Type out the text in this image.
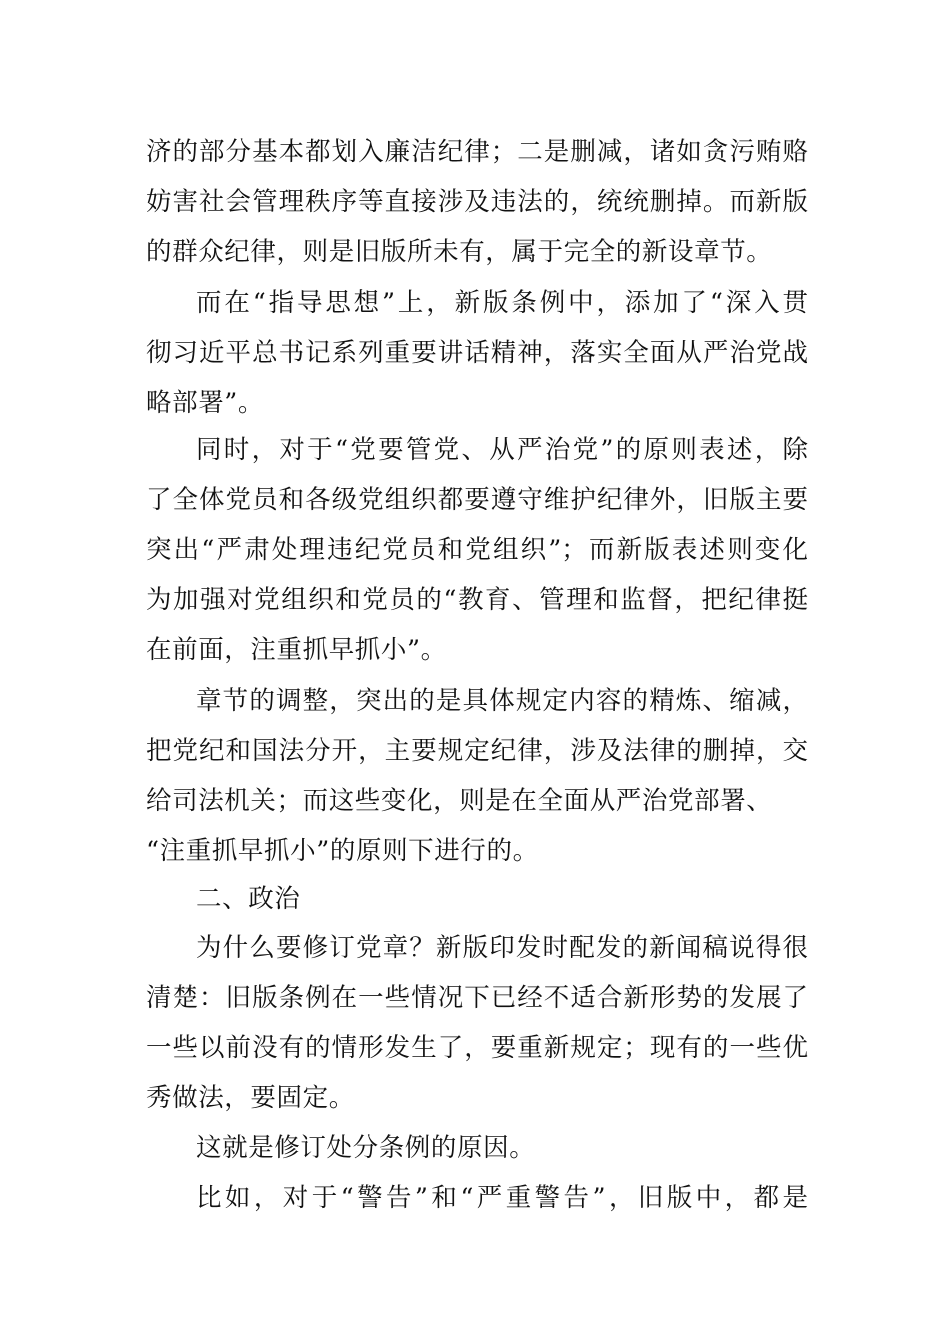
济的部分基本都划入廉洁纪律；二是删减，诸如贪污贿赂
妨害社会管理秩序等直接涉及违法的，统统删掉。而新版
的群众纪律，则是旧版所未有，属于完全的新设章节。
而在“指导思想”上，新版条例中，添加了“深入贯
彻习近平总书记系列重要讲话精神，落实全面从严治党战
略部署”。
同时，对于“党要管党、从严治党”的原则表述，除
了全体党员和各级党组织都要遵守维护纪律外，旧版主要
突出“严肃处理违纪党员和党组织”；而新版表述则变化
为加强对党组织和党员的“教育、管理和监督，把纪律挺
在前面，注重抓早抓小”。
章节的调整，突出的是具体规定内容的精炼、缩减，
把党纪和国法分开，主要规定纪律，涉及法律的删掉，交
给司法机关；而这些变化，则是在全面从严治党部署、
“注重抓早抓小”的原则下进行的。
二、政治
为什么要修订党章？新版印发时配发的新闻稿说得很
清楚：旧版条例在一些情况下已经不适合新形势的发展了
一些以前没有的情形发生了，要重新规定；现有的一些优
秀做法，要固定。
这就是修订处分条例的原因。
比如，对于“警告”和“严重警告”，旧版中，都是
